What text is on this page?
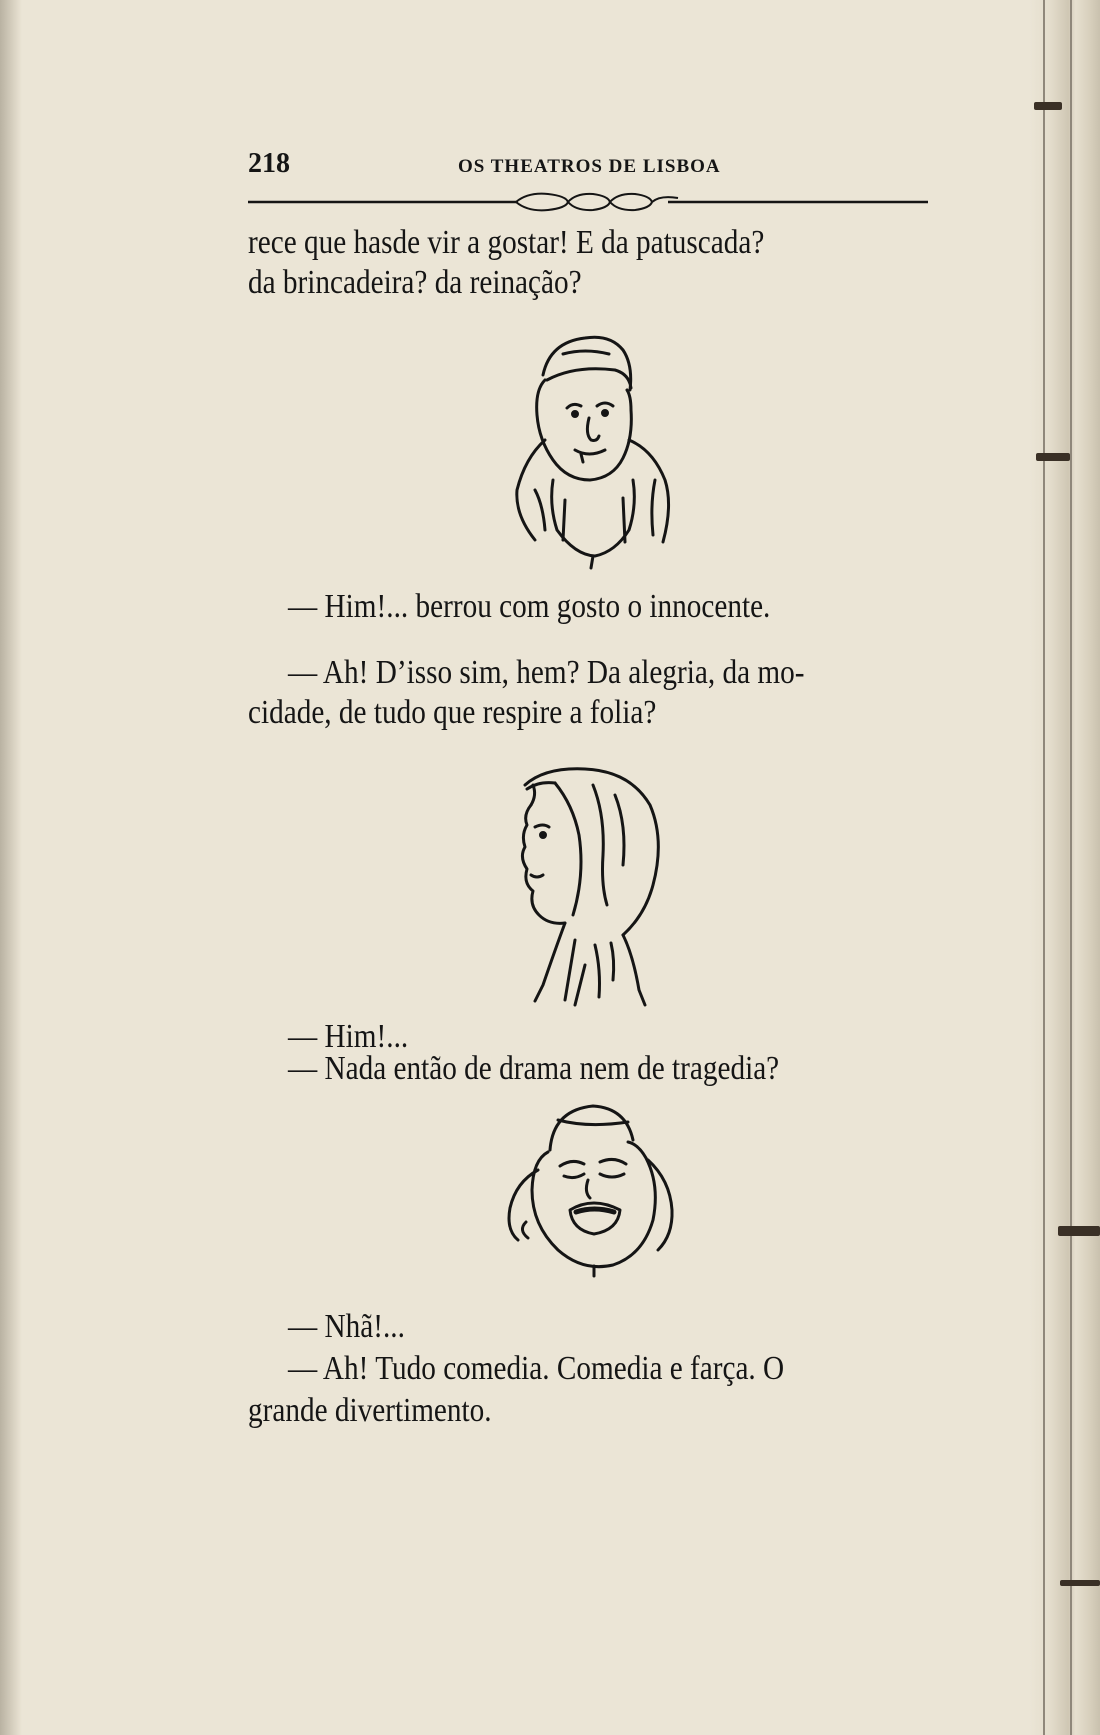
218	OS THEATROS DE LISBOA
rece que hasde vir a gostar! E da patuscada?
da brincadeira? da reinação?
— Him!... berrou com gosto o innocente.
— Ah! D’isso sim, hem? Da alegria, da mo-
cidade, de tudo que respire a folia?
— Him!...
— Nada então de drama nem de tragedia?
— Nhã!...
— Ah! Tudo comedia. Comedia e farça. O
grande divertimento.
